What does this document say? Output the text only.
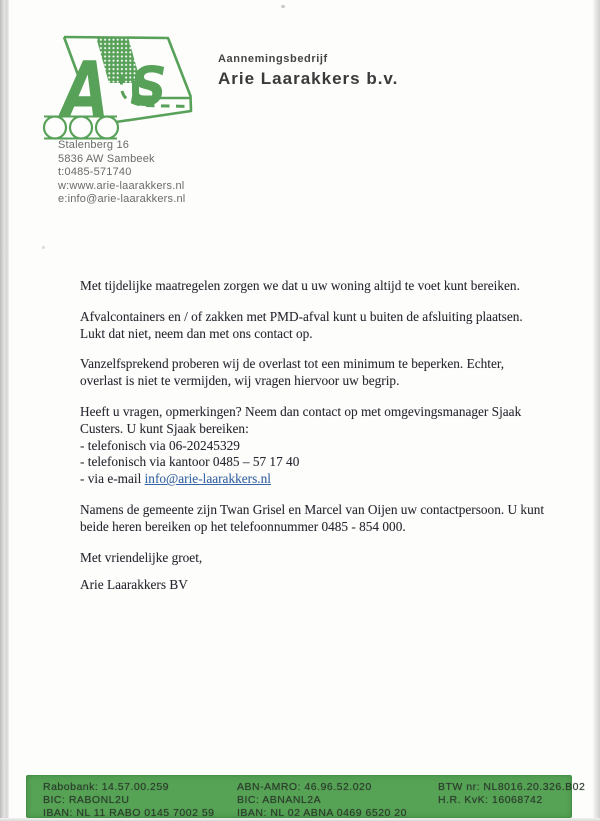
A S	Aannemingsbedrijf
Arie Laarakkers b.v.
Stalenberg 16
5836 AW Sambeek
t:0485-571740
w:www.arie-laarakkers.nl
e:info@arie-laarakkers.nl

Met tijdelijke maatregelen zorgen we dat u uw woning altijd te voet kunt bereiken.

Afvalcontainers en / of zakken met PMD-afval kunt u buiten de afsluiting plaatsen. Lukt dat niet, neem dan met ons contact op.

Vanzelfsprekend proberen wij de overlast tot een minimum te beperken. Echter, overlast is niet te vermijden, wij vragen hiervoor uw begrip.

Heeft u vragen, opmerkingen? Neem dan contact op met omgevingsmanager Sjaak Custers. U kunt Sjaak bereiken:

- telefonisch via 06-20245329

- telefonisch via kantoor 0485 – 57 17 40

- via e-mail info@arie-laarakkers.nl

Namens de gemeente zijn Twan Grisel en Marcel van Oijen uw contactpersoon. U kunt beide heren bereiken op het telefoonnummer 0485 - 854 000.

Met vriendelijke groet,

Arie Laarakkers BV

Rabobank: 14.57.00.259
BIC: RABONL2U
IBAN: NL 11 RABO 0145 7002 59
ABN-AMRO: 46.96.52.020
BIC: ABNANL2A
IBAN: NL 02 ABNA 0469 6520 20
BTW nr: NL8016.20.326.B02
H.R. KvK: 16068742
